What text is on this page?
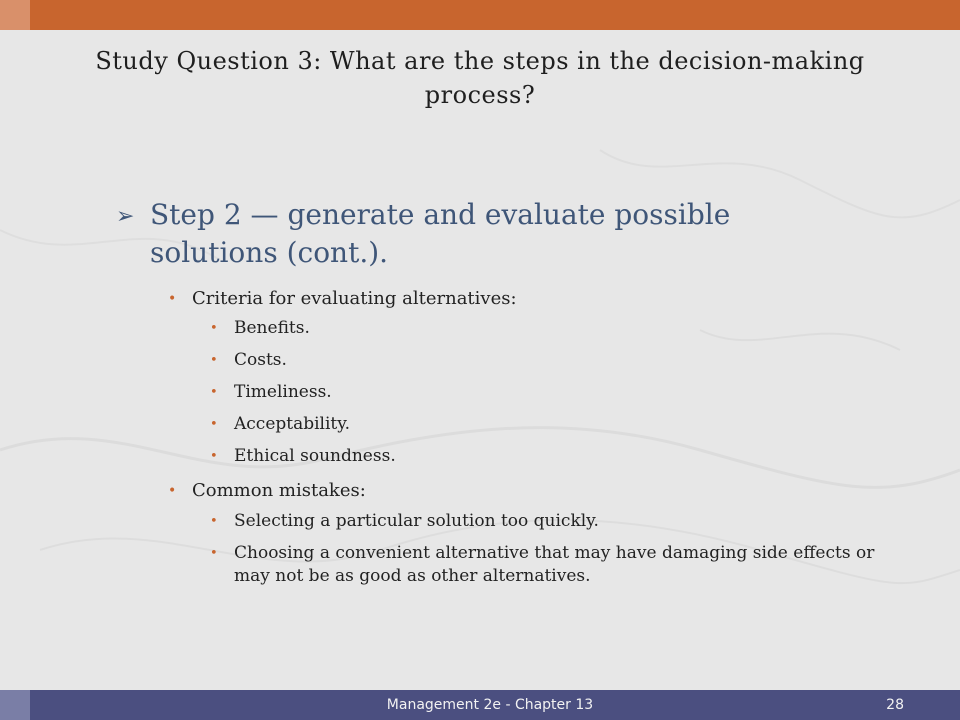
Study Question 3: What are the steps in the decision-making process?
➢ Step 2 — generate and evaluate possible solutions (cont.).
• Criteria for evaluating alternatives:
• Benefits.
• Costs.
• Timeliness.
• Acceptability.
• Ethical soundness.
• Common mistakes:
• Selecting a particular solution too quickly.
• Choosing a convenient alternative that may have damaging side effects or may not be as good as other alternatives.
Management 2e - Chapter 13	28
